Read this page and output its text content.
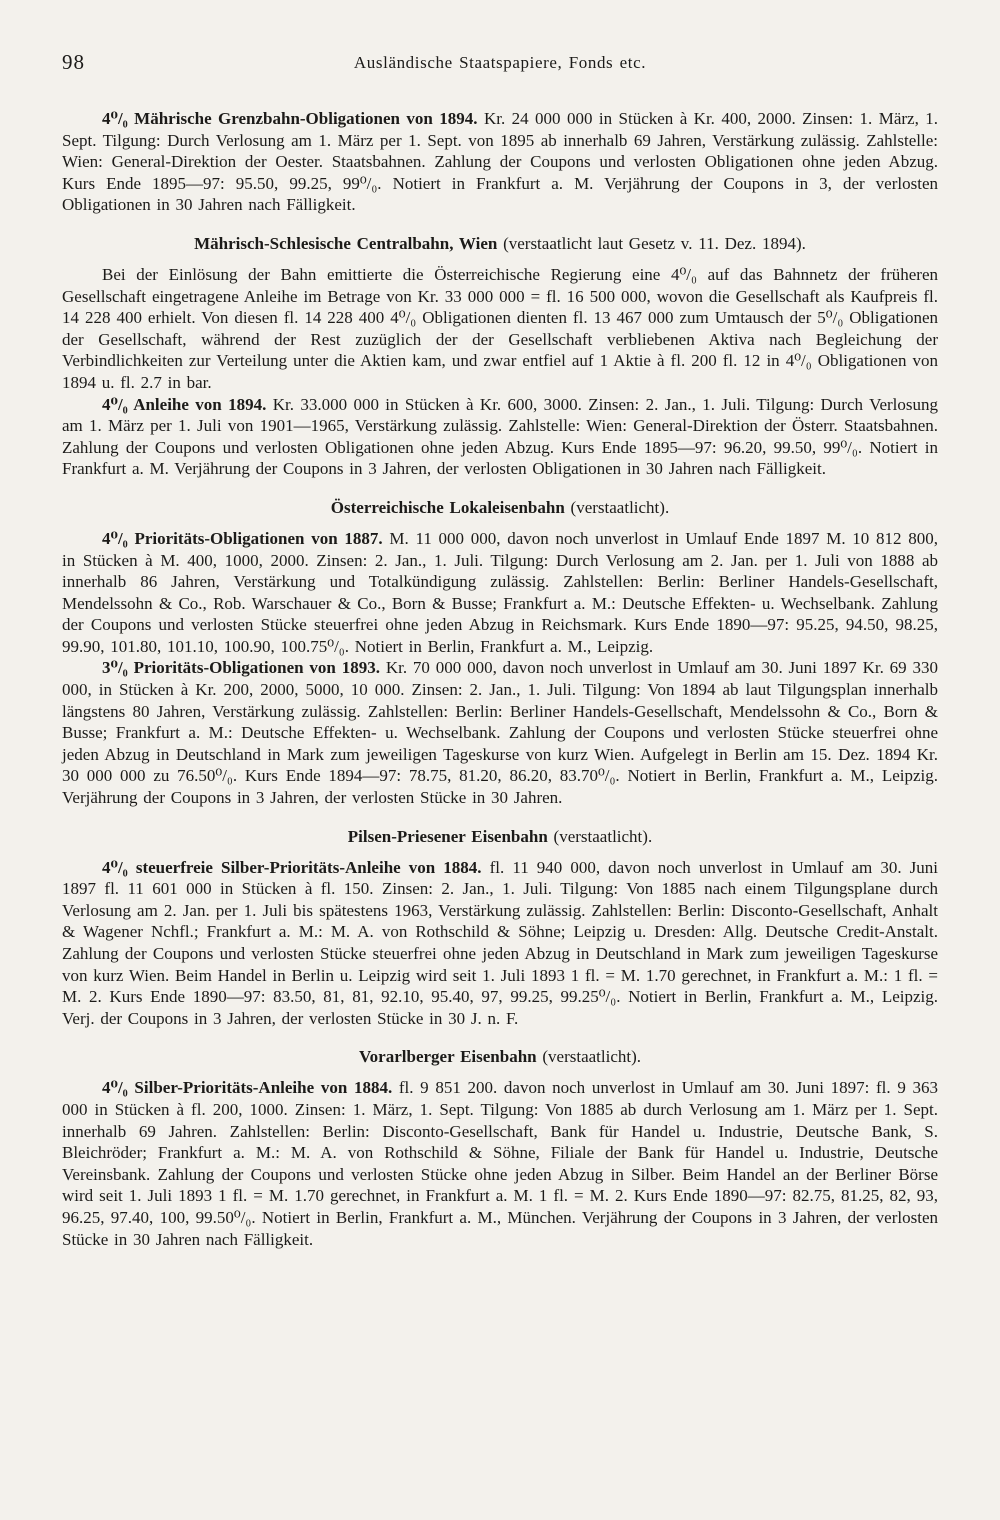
98	Ausländische Staatspapiere, Fonds etc.

4⁰/₀ Mährische Grenzbahn-Obligationen von 1894. Kr. 24 000 000 in Stücken à Kr. 400, 2000. Zinsen: 1. März, 1. Sept. Tilgung: Durch Verlosung am 1. März per 1. Sept. von 1895 ab innerhalb 69 Jahren, Verstärkung zulässig. Zahlstelle: Wien: General-Direktion der Oester. Staatsbahnen. Zahlung der Coupons und verlosten Obligationen ohne jeden Abzug. Kurs Ende 1895—97: 95.50, 99.25, 99⁰/₀. Notiert in Frankfurt a. M. Verjährung der Coupons in 3, der verlosten Obligationen in 30 Jahren nach Fälligkeit.

Mährisch-Schlesische Centralbahn, Wien (verstaatlicht laut Gesetz v. 11. Dez. 1894).

Bei der Einlösung der Bahn emittierte die Österreichische Regierung eine 4⁰/₀ auf das Bahnnetz der früheren Gesellschaft eingetragene Anleihe im Betrage von Kr. 33 000 000 = fl. 16 500 000, wovon die Gesellschaft als Kaufpreis fl. 14 228 400 erhielt. Von diesen fl. 14 228 400 4⁰/₀ Obligationen dienten fl. 13 467 000 zum Umtausch der 5⁰/₀ Obligationen der Gesellschaft, während der Rest zuzüglich der der Gesellschaft verbliebenen Aktiva nach Begleichung der Verbindlichkeiten zur Verteilung unter die Aktien kam, und zwar entfiel auf 1 Aktie à fl. 200 fl. 12 in 4⁰/₀ Obligationen von 1894 u. fl. 2.7 in bar.

4⁰/₀ Anleihe von 1894. Kr. 33.000 000 in Stücken à Kr. 600, 3000. Zinsen: 2. Jan., 1. Juli. Tilgung: Durch Verlosung am 1. März per 1. Juli von 1901—1965, Verstärkung zulässig. Zahlstelle: Wien: General-Direktion der Österr. Staatsbahnen. Zahlung der Coupons und verlosten Obligationen ohne jeden Abzug. Kurs Ende 1895—97: 96.20, 99.50, 99⁰/₀. Notiert in Frankfurt a. M. Verjährung der Coupons in 3 Jahren, der verlosten Obligationen in 30 Jahren nach Fälligkeit.

Österreichische Lokaleisenbahn (verstaatlicht).

4⁰/₀ Prioritäts-Obligationen von 1887. M. 11 000 000, davon noch unverlost in Umlauf Ende 1897 M. 10 812 800, in Stücken à M. 400, 1000, 2000. Zinsen: 2. Jan., 1. Juli. Tilgung: Durch Verlosung am 2. Jan. per 1. Juli von 1888 ab innerhalb 86 Jahren, Verstärkung und Totalkündigung zulässig. Zahlstellen: Berlin: Berliner Handels-Gesellschaft, Mendelssohn & Co., Rob. Warschauer & Co., Born & Busse; Frankfurt a. M.: Deutsche Effekten- u. Wechselbank. Zahlung der Coupons und verlosten Stücke steuerfrei ohne jeden Abzug in Reichsmark. Kurs Ende 1890—97: 95.25, 94.50, 98.25, 99.90, 101.80, 101.10, 100.90, 100.75⁰/₀. Notiert in Berlin, Frankfurt a. M., Leipzig.

3⁰/₀ Prioritäts-Obligationen von 1893. Kr. 70 000 000, davon noch unverlost in Umlauf am 30. Juni 1897 Kr. 69 330 000, in Stücken à Kr. 200, 2000, 5000, 10 000. Zinsen: 2. Jan., 1. Juli. Tilgung: Von 1894 ab laut Tilgungsplan innerhalb längstens 80 Jahren, Verstärkung zulässig. Zahlstellen: Berlin: Berliner Handels-Gesellschaft, Mendelssohn & Co., Born & Busse; Frankfurt a. M.: Deutsche Effekten- u. Wechselbank. Zahlung der Coupons und verlosten Stücke steuerfrei ohne jeden Abzug in Deutschland in Mark zum jeweiligen Tageskurse von kurz Wien. Aufgelegt in Berlin am 15. Dez. 1894 Kr. 30 000 000 zu 76.50⁰/₀. Kurs Ende 1894—97: 78.75, 81.20, 86.20, 83.70⁰/₀. Notiert in Berlin, Frankfurt a. M., Leipzig. Verjährung der Coupons in 3 Jahren, der verlosten Stücke in 30 Jahren.

Pilsen-Priesener Eisenbahn (verstaatlicht).

4⁰/₀ steuerfreie Silber-Prioritäts-Anleihe von 1884. fl. 11 940 000, davon noch unverlost in Umlauf am 30. Juni 1897 fl. 11 601 000 in Stücken à fl. 150. Zinsen: 2. Jan., 1. Juli. Tilgung: Von 1885 nach einem Tilgungsplane durch Verlosung am 2. Jan. per 1. Juli bis spätestens 1963, Verstärkung zulässig. Zahlstellen: Berlin: Disconto-Gesellschaft, Anhalt & Wagener Nchfl.; Frankfurt a. M.: M. A. von Rothschild & Söhne; Leipzig u. Dresden: Allg. Deutsche Credit-Anstalt. Zahlung der Coupons und verlosten Stücke steuerfrei ohne jeden Abzug in Deutschland in Mark zum jeweiligen Tageskurse von kurz Wien. Beim Handel in Berlin u. Leipzig wird seit 1. Juli 1893 1 fl. = M. 1.70 gerechnet, in Frankfurt a. M.: 1 fl. = M. 2. Kurs Ende 1890—97: 83.50, 81, 81, 92.10, 95.40, 97, 99.25, 99.25⁰/₀. Notiert in Berlin, Frankfurt a. M., Leipzig. Verj. der Coupons in 3 Jahren, der verlosten Stücke in 30 J. n. F.

Vorarlberger Eisenbahn (verstaatlicht).

4⁰/₀ Silber-Prioritäts-Anleihe von 1884. fl. 9 851 200. davon noch unverlost in Umlauf am 30. Juni 1897: fl. 9 363 000 in Stücken à fl. 200, 1000. Zinsen: 1. März, 1. Sept. Tilgung: Von 1885 ab durch Verlosung am 1. März per 1. Sept. innerhalb 69 Jahren. Zahlstellen: Berlin: Disconto-Gesellschaft, Bank für Handel u. Industrie, Deutsche Bank, S. Bleichröder; Frankfurt a. M.: M. A. von Rothschild & Söhne, Filiale der Bank für Handel u. Industrie, Deutsche Vereinsbank. Zahlung der Coupons und verlosten Stücke ohne jeden Abzug in Silber. Beim Handel an der Berliner Börse wird seit 1. Juli 1893 1 fl. = M. 1.70 gerechnet, in Frankfurt a. M. 1 fl. = M. 2. Kurs Ende 1890—97: 82.75, 81.25, 82, 93, 96.25, 97.40, 100, 99.50⁰/₀. Notiert in Berlin, Frankfurt a. M., München. Verjährung der Coupons in 3 Jahren, der verlosten Stücke in 30 Jahren nach Fälligkeit.
